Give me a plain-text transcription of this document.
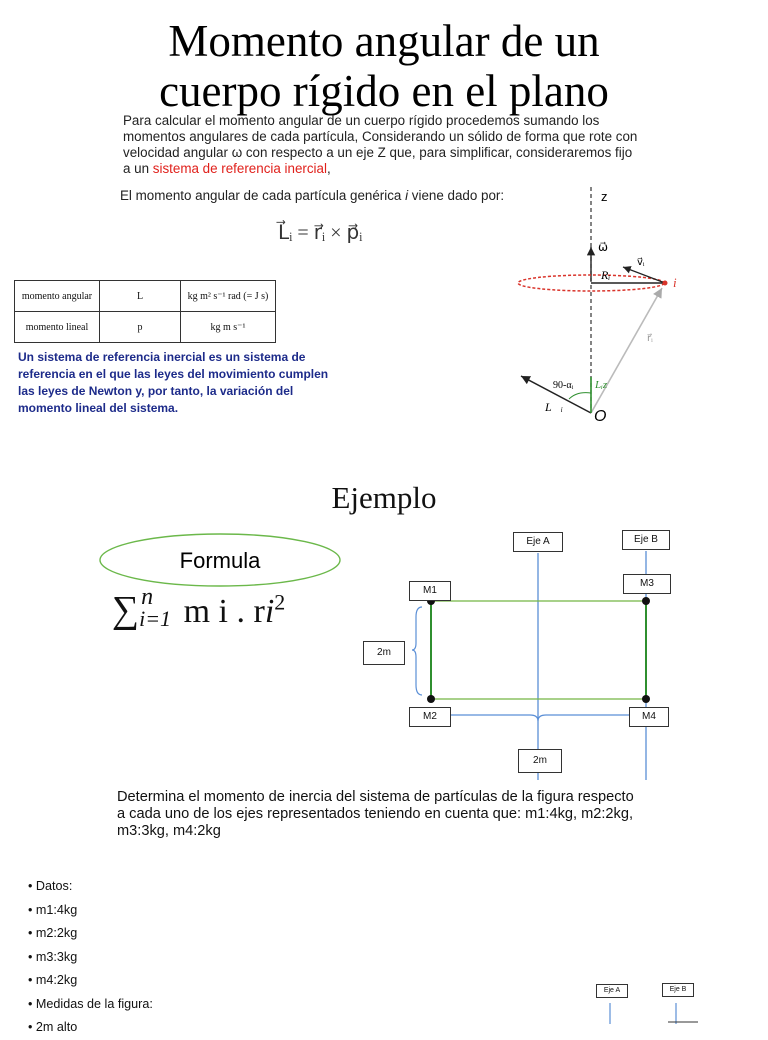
Momento angular de un
cuerpo rígido en el plano
Para calcular el momento angular de un cuerpo rígido procedemos sumando los momentos angulares de cada partícula, Considerando un sólido de forma que rote con velocidad angular ω con respecto a un eje Z que, para simplificar, consideraremos fijo a un sistema de referencia inercial,
El momento angular de cada partícula genérica i viene dado por:
L⃗ᵢ = r⃗ᵢ × p⃗ᵢ
momento angular	L	kg m² s⁻¹ rad (= J s)
momento lineal	p	kg m s⁻¹
Un sistema de referencia inercial es un sistema de referencia en el que las leyes del movimiento cumplen las leyes de Newton y, por tanto, la variación del momento lineal del sistema.
z
ω⃗
Rᵢ
v⃗ᵢ
i
r⃗ᵢ
90-αᵢ
L⃗ᵢ
Lᵢz
O
Ejemplo
Formula
∑ n
i=1 m i . $ri^2$
Eje A	Eje B
M1
M2
M3
M4
2m
2m
Determina el momento de inercia del sistema de partículas de la figura respecto a cada uno de los ejes representados teniendo en cuenta que: m1:4kg, m2:2kg, m3:3kg, m4:2kg
• Datos:
• m1:4kg
• m2:2kg
• m3:3kg
• m4:2kg
• Medidas de la figura:
• 2m alto
Eje A	Eje B
